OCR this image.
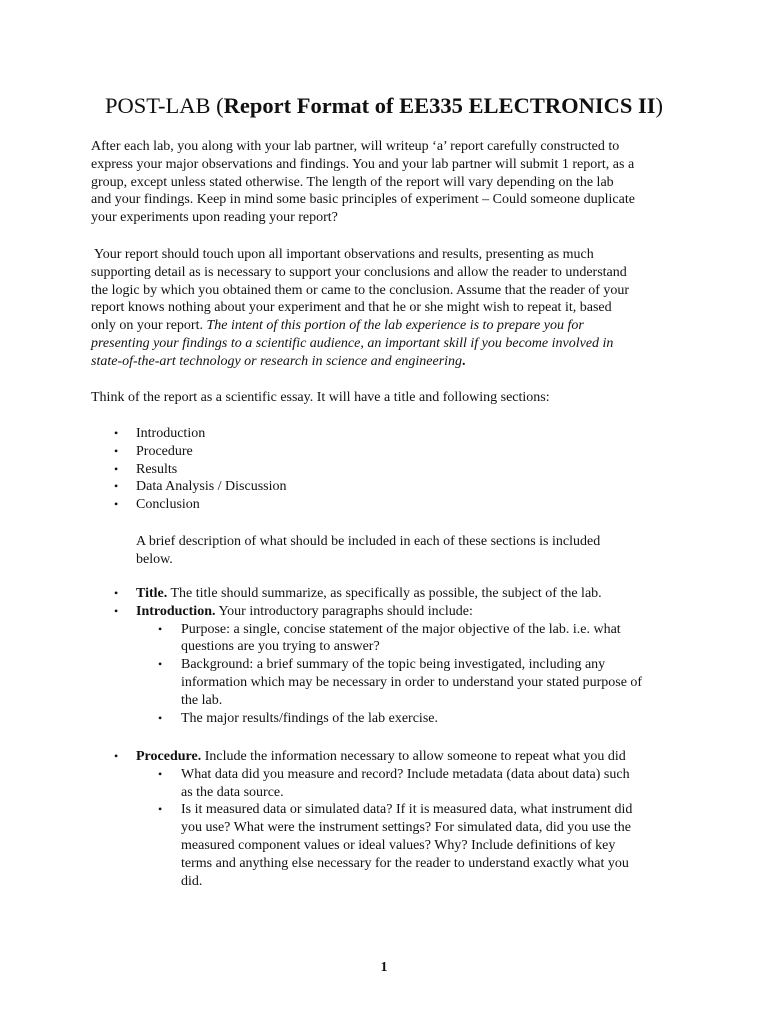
POST-LAB (Report Format of EE335 ELECTRONICS II)
After each lab, you along with your lab partner, will writeup ‘a’ report carefully constructed to
express your major observations and findings. You and your lab partner will submit 1 report, as a
group, except unless stated otherwise. The length of the report will vary depending on the lab
and your findings. Keep in mind some basic principles of experiment – Could someone duplicate
your experiments upon reading your report?
Your report should touch upon all important observations and results, presenting as much
supporting detail as is necessary to support your conclusions and allow the reader to understand
the logic by which you obtained them or came to the conclusion. Assume that the reader of your
report knows nothing about your experiment and that he or she might wish to repeat it, based
only on your report. The intent of this portion of the lab experience is to prepare you for
presenting your findings to a scientific audience, an important skill if you become involved in
state-of-the-art technology or research in science and engineering.
Think of the report as a scientific essay. It will have a title and following sections:
• Introduction
• Procedure
• Results
• Data Analysis / Discussion
• Conclusion
A brief description of what should be included in each of these sections is included
below.
• Title. The title should summarize, as specifically as possible, the subject of the lab.
• Introduction. Your introductory paragraphs should include:
• Purpose: a single, concise statement of the major objective of the lab. i.e. what
questions are you trying to answer?
• Background: a brief summary of the topic being investigated, including any
information which may be necessary in order to understand your stated purpose of
the lab.
• The major results/findings of the lab exercise.
• Procedure. Include the information necessary to allow someone to repeat what you did
• What data did you measure and record? Include metadata (data about data) such
as the data source.
• Is it measured data or simulated data? If it is measured data, what instrument did
you use? What were the instrument settings? For simulated data, did you use the
measured component values or ideal values? Why? Include definitions of key
terms and anything else necessary for the reader to understand exactly what you
did.
1
